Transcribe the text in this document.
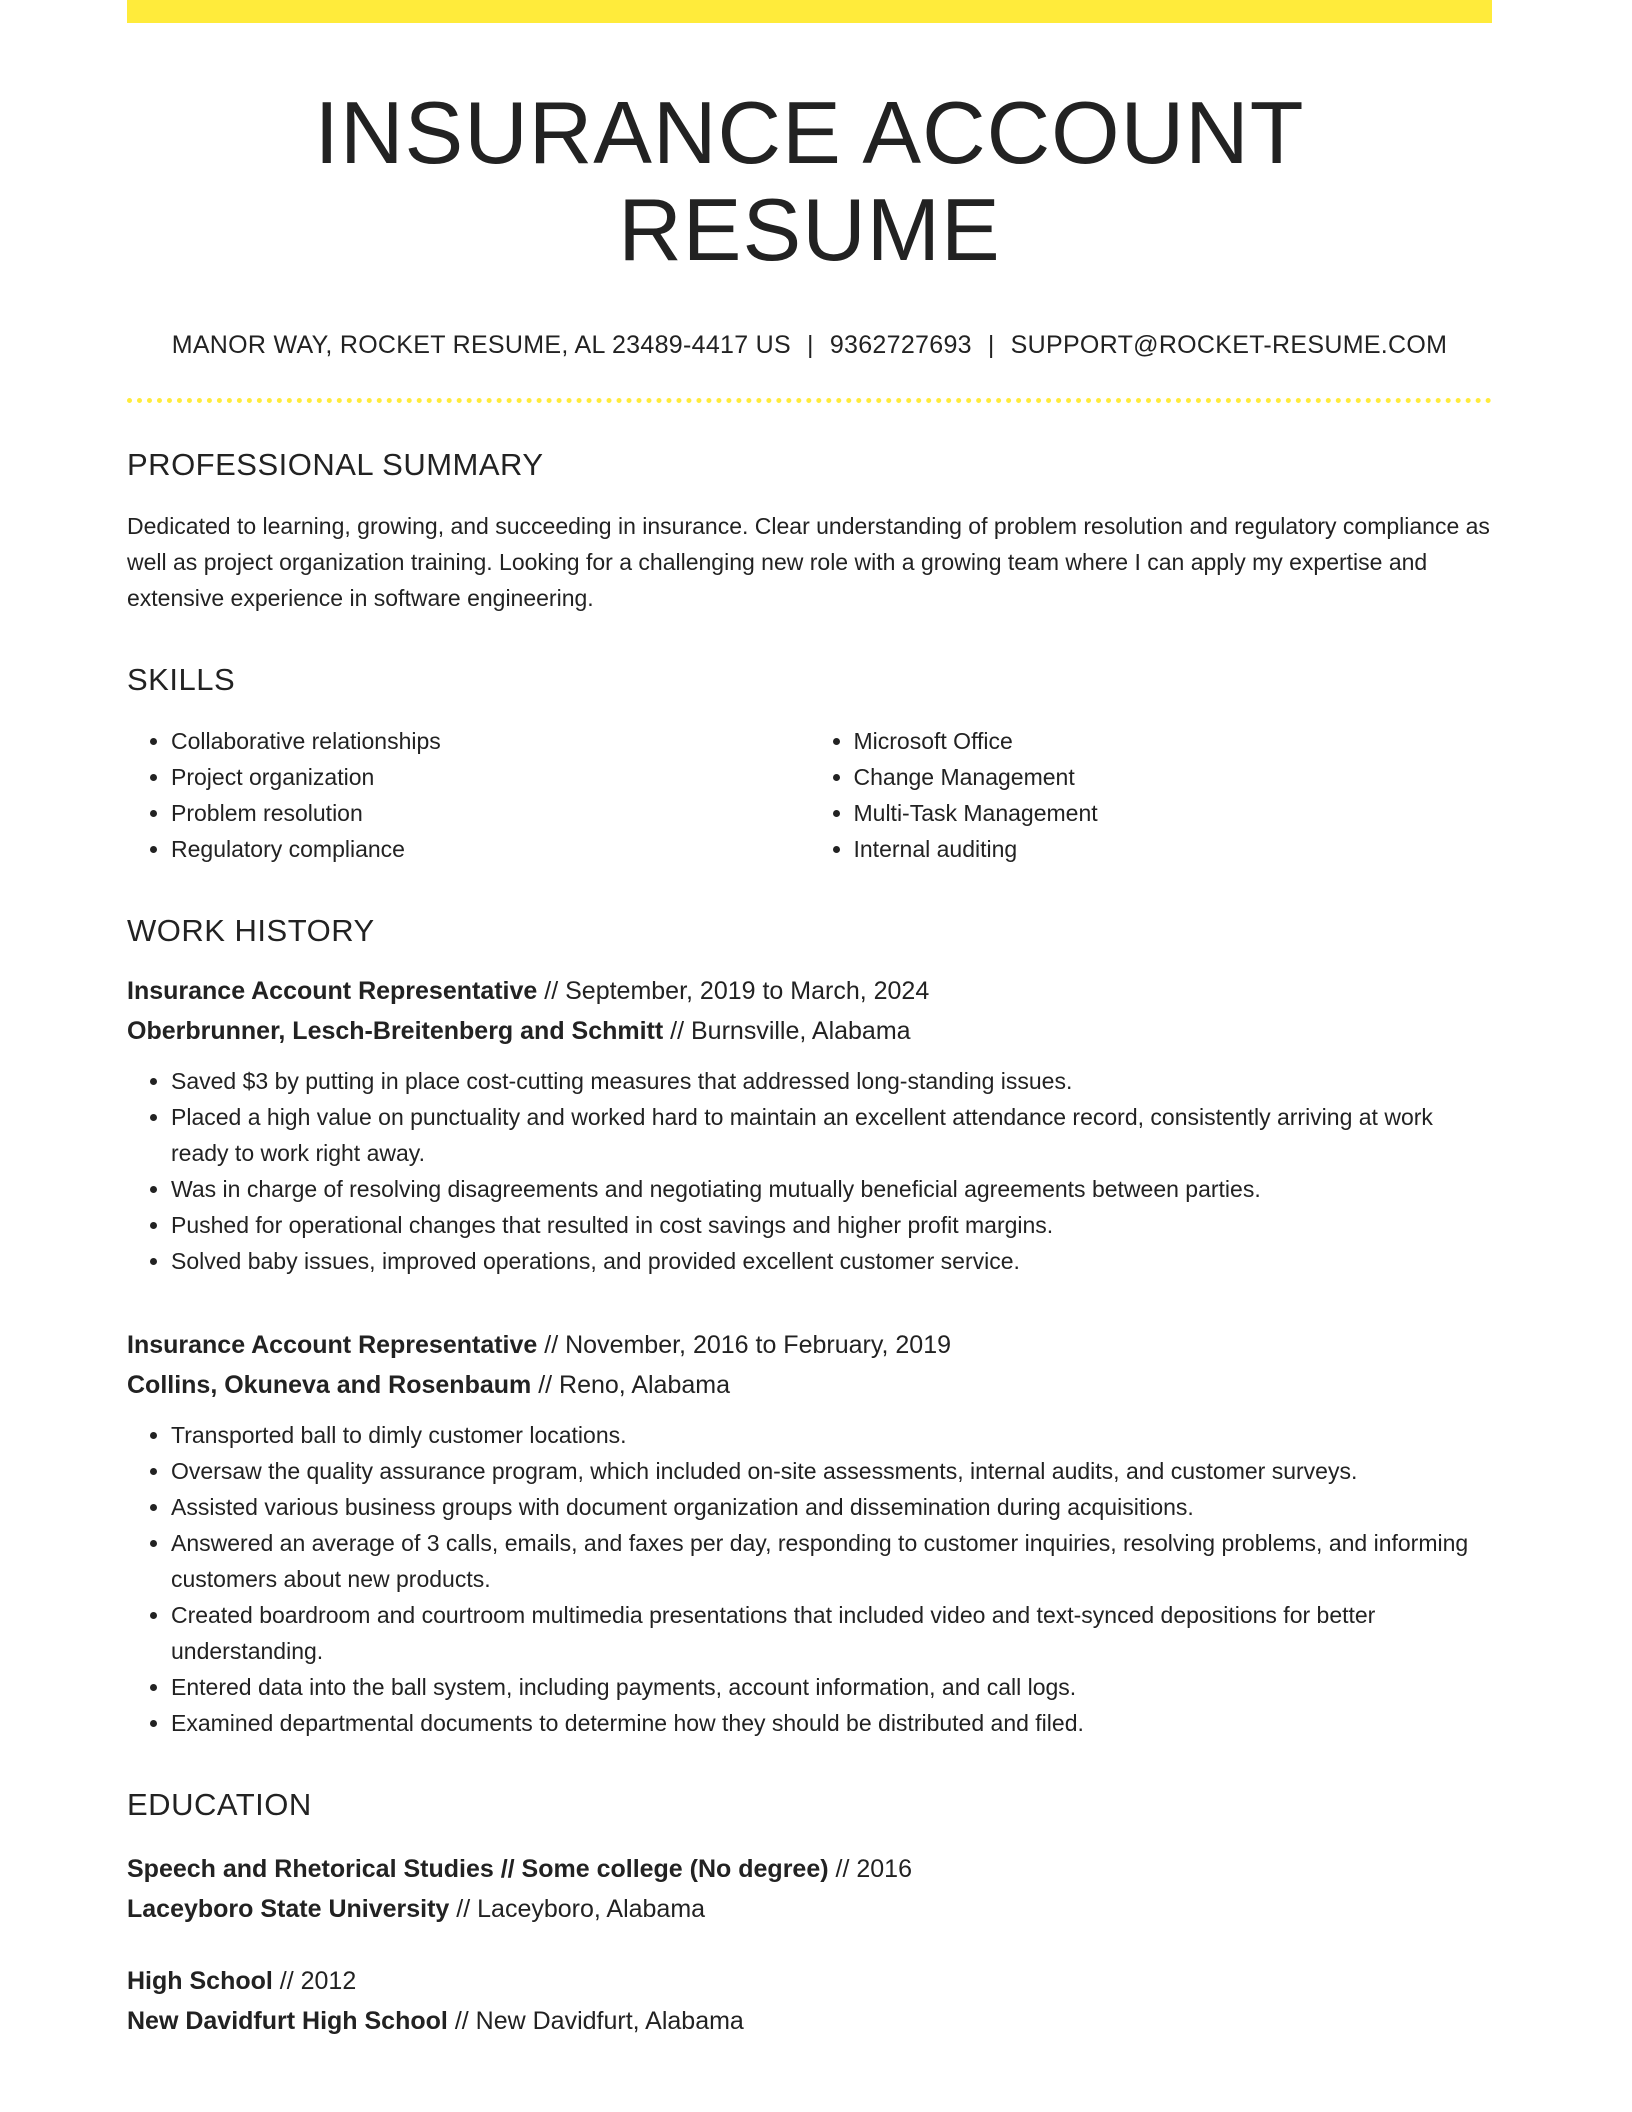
INSURANCE ACCOUNT RESUME
MANOR WAY, ROCKET RESUME, AL 23489-4417 US | 9362727693 | SUPPORT@ROCKET-RESUME.COM
PROFESSIONAL SUMMARY

Dedicated to learning, growing, and succeeding in insurance. Clear understanding of problem resolution and regulatory compliance as well as project organization training. Looking for a challenging new role with a growing team where I can apply my expertise and extensive experience in software engineering.

SKILLS
• Collaborative relationships
• Project organization
• Problem resolution
• Regulatory compliance
• Microsoft Office
• Change Management
• Multi-Task Management
• Internal auditing
WORK HISTORY
Insurance Account Representative // September, 2019 to March, 2024
Oberbrunner, Lesch-Breitenberg and Schmitt // Burnsville, Alabama
• Saved $3 by putting in place cost-cutting measures that addressed long-standing issues.
• Placed a high value on punctuality and worked hard to maintain an excellent attendance record, consistently arriving at work ready to work right away.
• Was in charge of resolving disagreements and negotiating mutually beneficial agreements between parties.
• Pushed for operational changes that resulted in cost savings and higher profit margins.
• Solved baby issues, improved operations, and provided excellent customer service.
Insurance Account Representative // November, 2016 to February, 2019
Collins, Okuneva and Rosenbaum // Reno, Alabama
• Transported ball to dimly customer locations.
• Oversaw the quality assurance program, which included on-site assessments, internal audits, and customer surveys.
• Assisted various business groups with document organization and dissemination during acquisitions.
• Answered an average of 3 calls, emails, and faxes per day, responding to customer inquiries, resolving problems, and informing customers about new products.
• Created boardroom and courtroom multimedia presentations that included video and text-synced depositions for better understanding.
• Entered data into the ball system, including payments, account information, and call logs.
• Examined departmental documents to determine how they should be distributed and filed.
EDUCATION
Speech and Rhetorical Studies // Some college (No degree) // 2016
Laceyboro State University // Laceyboro, Alabama
High School // 2012
New Davidfurt High School // New Davidfurt, Alabama
